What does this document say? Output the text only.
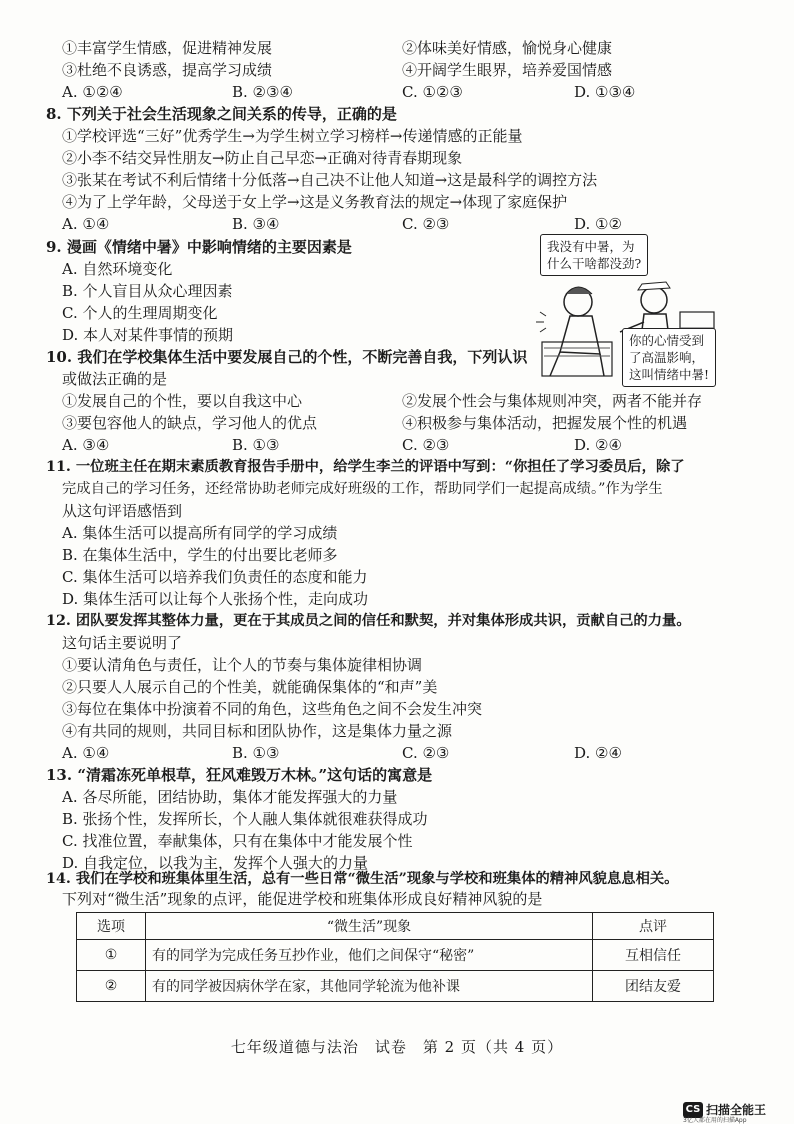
①丰富学生情感，促进精神发展	②体味美好情感，愉悦身心健康
③杜绝不良诱惑，提高学习成绩	④开阔学生眼界，培养爱国情感
A. ①②④	B. ②③④	C. ①②③	D. ①③④
8. 下列关于社会生活现象之间关系的传导，正确的是
①学校评选“三好”优秀学生→为学生树立学习榜样→传递情感的正能量
②小李不结交异性朋友→防止自己早恋→正确对待青春期现象
③张某在考试不利后情绪十分低落→自己决不让他人知道→这是最科学的调控方法
④为了上学年龄，父母送于女上学→这是义务教育法的规定→体现了家庭保护
A. ①④	B. ③④	C. ②③	D. ①②
9. 漫画《情绪中暑》中影响情绪的主要因素是
A. 自然环境变化
B. 个人盲目从众心理因素
C. 个人的生理周期变化
D. 本人对某件事情的预期
我没有中暑，为
什么干啥都没劲?
你的心情受到
了高温影响，
这叫情绪中暑!
10. 我们在学校集体生活中要发展自己的个性，不断完善自我，下列认识
或做法正确的是
①发展自己的个性，要以自我这中心	②发展个性会与集体规则冲突，两者不能并存
③要包容他人的缺点，学习他人的优点	④积极参与集体活动，把握发展个性的机遇
A. ③④	B. ①③	C. ②③	D. ②④
11. 一位班主任在期末素质教育报告手册中，给学生李兰的评语中写到：“你担任了学习委员后，除了
完成自己的学习任务，还经常协助老师完成好班级的工作，帮助同学们一起提高成绩。”作为学生
从这句评语感悟到
A. 集体生活可以提高所有同学的学习成绩
B. 在集体生活中，学生的付出要比老师多
C. 集体生活可以培养我们负责任的态度和能力
D. 集体生活可以让每个人张扬个性，走向成功
12. 团队要发挥其整体力量，更在于其成员之间的信任和默契，并对集体形成共识，贡献自己的力量。
这句话主要说明了
①要认清角色与责任，让个人的节奏与集体旋律相协调
②只要人人展示自己的个性美，就能确保集体的“和声”美
③每位在集体中扮演着不同的角色，这些角色之间不会发生冲突
④有共同的规则，共同目标和团队协作，这是集体力量之源
A. ①④	B. ①③	C. ②③	D. ②④
13. “清霜冻死单根草，狂风难毁万木林。”这句话的寓意是
A. 各尽所能，团结协助，集体才能发挥强大的力量
B. 张扬个性，发挥所长，个人融人集体就很难获得成功
C. 找准位置，奉献集体，只有在集体中才能发展个性
D. 自我定位，以我为主，发挥个人强大的力量
14. 我们在学校和班集体里生活，总有一些日常“微生活”现象与学校和班集体的精神风貌息息相关。
下列对“微生活”现象的点评，能促进学校和班集体形成良好精神风貌的是
选项	“微生活”现象	点评
①	有的同学为完成任务互抄作业，他们之间保守“秘密”	互相信任
②	有的同学被因病休学在家，其他同学轮流为他补课	团结友爱
七年级道德与法治　试卷　第 2 页（共 4 页）
CS 扫描全能王
3亿人都在用的扫描App
